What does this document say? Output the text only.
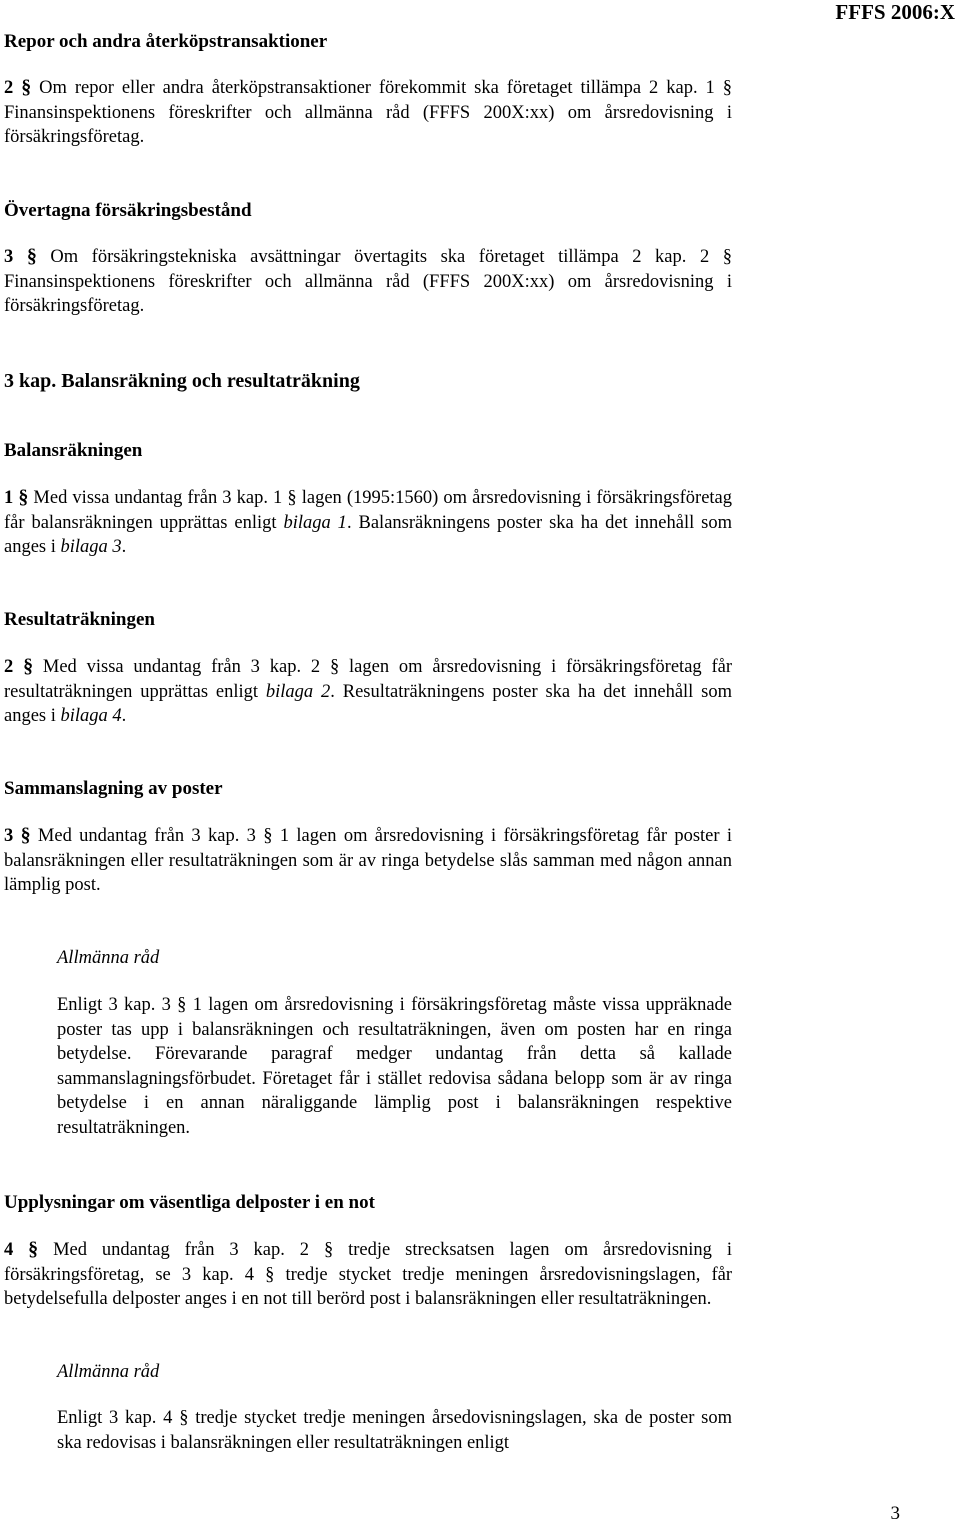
FFFS 2006:X
Repor och andra återköpstransaktioner

2 § Om repor eller andra återköpstransaktioner förekommit ska företaget tillämpa 2 kap. 1 § Finansinspektionens föreskrifter och allmänna råd (FFFS 200X:xx) om årsredovisning i försäkringsföretag.

Övertagna försäkringsbestånd

3 § Om försäkringstekniska avsättningar övertagits ska företaget tillämpa 2 kap. 2 § Finansinspektionens föreskrifter och allmänna råd (FFFS 200X:xx) om årsredovisning i försäkringsföretag.

3 kap. Balansräkning och resultaträkning
Balansräkningen

1 § Med vissa undantag från 3 kap. 1 § lagen (1995:1560) om årsredovisning i försäkringsföretag får balansräkningen upprättas enligt bilaga 1. Balansräkningens poster ska ha det innehåll som anges i bilaga 3.

Resultaträkningen

2 § Med vissa undantag från 3 kap. 2 § lagen om årsredovisning i försäkringsföretag får resultaträkningen upprättas enligt bilaga 2. Resultaträkningens poster ska ha det innehåll som anges i bilaga 4.

Sammanslagning av poster

3 § Med undantag från 3 kap. 3 § 1 lagen om årsredovisning i försäkringsföretag får poster i balansräkningen eller resultaträkningen som är av ringa betydelse slås samman med någon annan lämplig post.

Allmänna råd

Enligt 3 kap. 3 § 1 lagen om årsredovisning i försäkringsföretag måste vissa uppräknade poster tas upp i balansräkningen och resultaträkningen, även om posten har en ringa betydelse. Förevarande paragraf medger undantag från detta så kallade sammanslagningsförbudet. Företaget får i stället redovisa sådana belopp som är av ringa betydelse i en annan näraliggande lämplig post i balansräkningen respektive resultaträkningen.

Upplysningar om väsentliga delposter i en not

4 § Med undantag från 3 kap. 2 § tredje strecksatsen lagen om årsredovisning i försäkringsföretag, se 3 kap. 4 § tredje stycket tredje meningen årsredovisningslagen, får betydelsefulla delposter anges i en not till berörd post i balansräkningen eller resultaträkningen.

Allmänna råd

Enligt 3 kap. 4 § tredje stycket tredje meningen årsedovisningslagen, ska de poster som ska redovisas i balansräkningen eller resultaträkningen enligt

3
